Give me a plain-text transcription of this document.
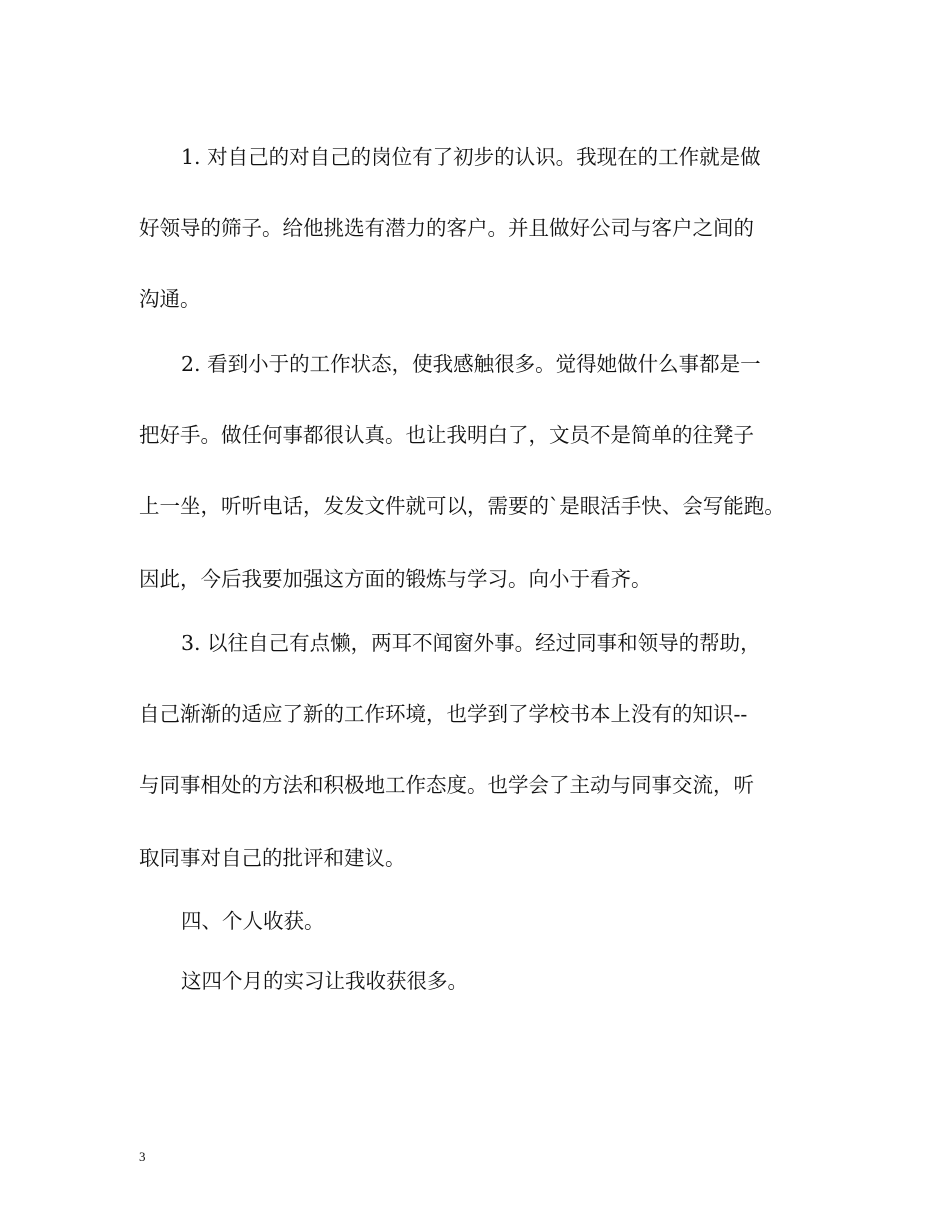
1. 对自己的对自己的岗位有了初步的认识。我现在的工作就是做
好领导的筛子。给他挑选有潜力的客户。并且做好公司与客户之间的
沟通。
2. 看到小于的工作状态，使我感触很多。觉得她做什么事都是一
把好手。做任何事都很认真。也让我明白了，文员不是简单的往凳子
上一坐，听听电话，发发文件就可以，需要的`是眼活手快、会写能跑。
因此，今后我要加强这方面的锻炼与学习。向小于看齐。
3. 以往自己有点懒，两耳不闻窗外事。经过同事和领导的帮助，
自己渐渐的适应了新的工作环境，也学到了学校书本上没有的知识--
与同事相处的方法和积极地工作态度。也学会了主动与同事交流，听
取同事对自己的批评和建议。
四、个人收获。
这四个月的实习让我收获很多。
3
